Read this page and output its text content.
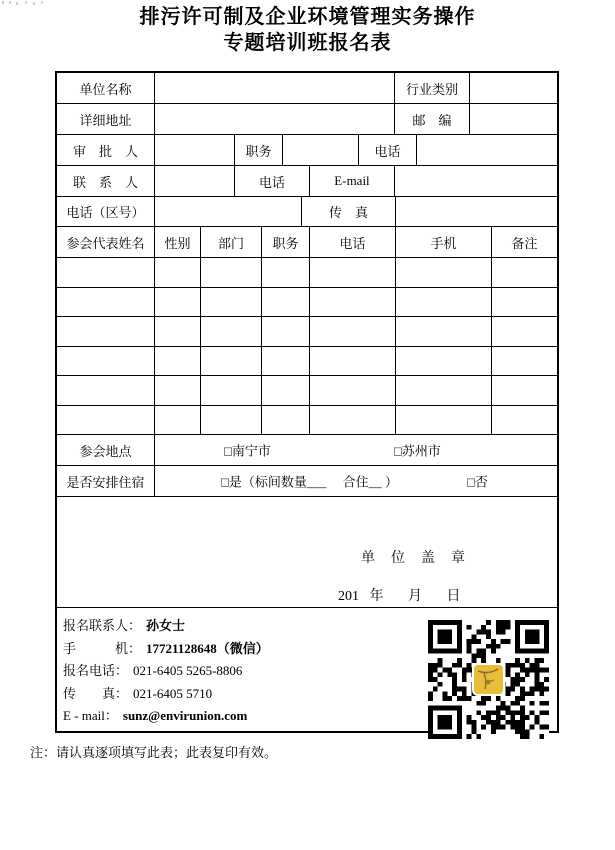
排污许可制及企业环境管理实务操作
专题培训班报名表
单位名称	行业类别
详细地址	邮　编
审　批　人	职务	电话
联　系　人	电话	E-mail
电话（区号）	传　真
参会代表姓名	性别	部门	职务	电话	手机	备注
参会地点	□南宁市	□苏州市
是否安排住宿	□是（标间数量___　 合住__ ）	□否
单　位　盖　章
201   年       月       日
报名联系人： 孙女士
手　　　机： 17721128648（微信）
报名电话： 021-6405 5265-8806
传　　真： 021-6405 5710
E - mail： sunz@envirunion.com
注：请认真逐项填写此表；此表复印有效。
